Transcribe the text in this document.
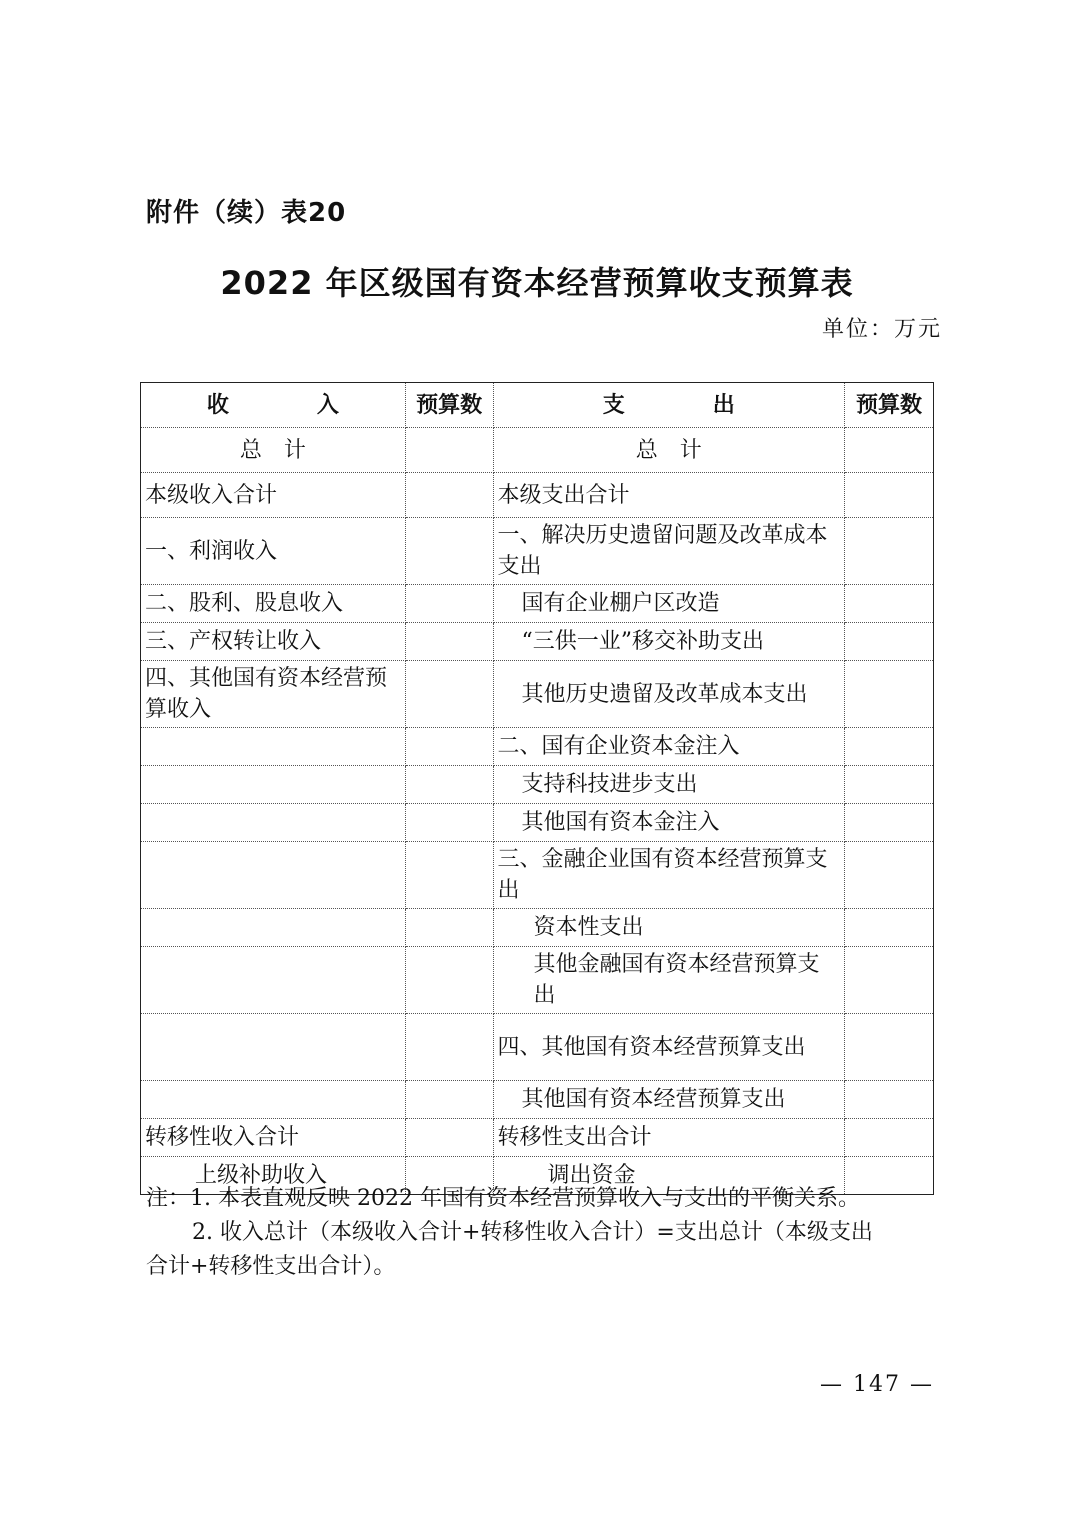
附件（续）表20
2022 年区级国有资本经营预算收支预算表
单位：万元
收　　　　入	预算数	支　　　　出	预算数
总　计		总　计	
本级收入合计		本级支出合计	
一、利润收入		一、解决历史遗留问题及改革成本支出	
二、股利、股息收入		国有企业棚户区改造	
三、产权转让收入		“三供一业”移交补助支出	
四、其他国有资本经营预算收入		其他历史遗留及改革成本支出	
		二、国有企业资本金注入	
		支持科技进步支出	
		其他国有资本金注入	
		三、金融企业国有资本经营预算支出	
		资本性支出	
		其他金融国有资本经营预算支出	
		四、其他国有资本经营预算支出	
		其他国有资本经营预算支出	
转移性收入合计		转移性支出合计	
上级补助收入		调出资金	
注：1. 本表直观反映 2022 年国有资本经营预算收入与支出的平衡关系。
2. 收入总计（本级收入合计+转移性收入合计）=支出总计（本级支出
合计+转移性支出合计）。
— 147 —
